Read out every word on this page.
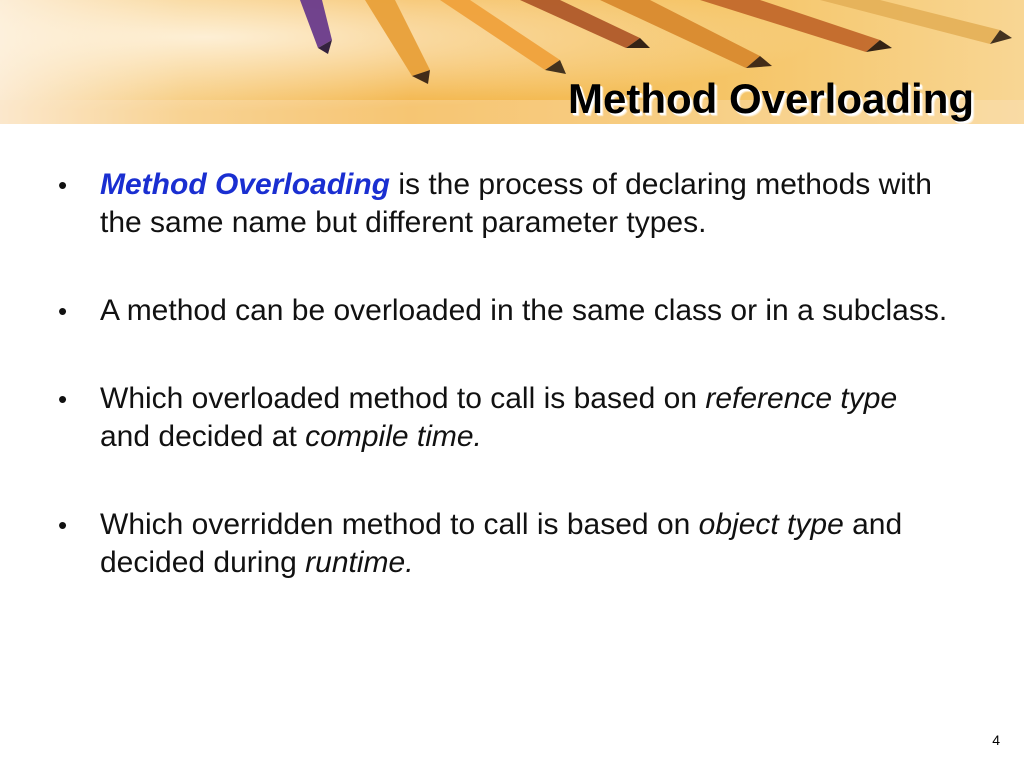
Method Overloading
• Method Overloading is the process of declaring methods with the same name but different parameter types.
• A method can be overloaded in the same class or in a subclass.
• Which overloaded method to call is based on reference type and decided at compile time.
• Which overridden method to call is based on object type and decided during runtime.
4
